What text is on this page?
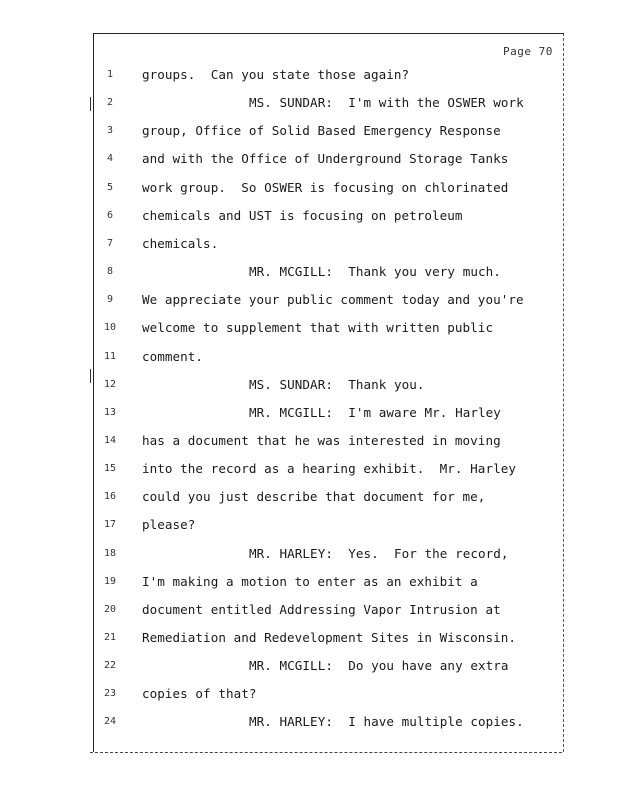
Page 70
1	groups.  Can you state those again?
2	MS. SUNDAR:  I'm with the OSWER work
3	group, Office of Solid Based Emergency Response
4	and with the Office of Underground Storage Tanks
5	work group.  So OSWER is focusing on chlorinated
6	chemicals and UST is focusing on petroleum
7	chemicals.
8	MR. MCGILL:  Thank you very much.
9	We appreciate your public comment today and you're
10	welcome to supplement that with written public
11	comment.
12	MS. SUNDAR:  Thank you.
13	MR. MCGILL:  I'm aware Mr. Harley
14	has a document that he was interested in moving
15	into the record as a hearing exhibit.  Mr. Harley
16	could you just describe that document for me,
17	please?
18	MR. HARLEY:  Yes.  For the record,
19	I'm making a motion to enter as an exhibit a
20	document entitled Addressing Vapor Intrusion at
21	Remediation and Redevelopment Sites in Wisconsin.
22	MR. MCGILL:  Do you have any extra
23	copies of that?
24	MR. HARLEY:  I have multiple copies.
